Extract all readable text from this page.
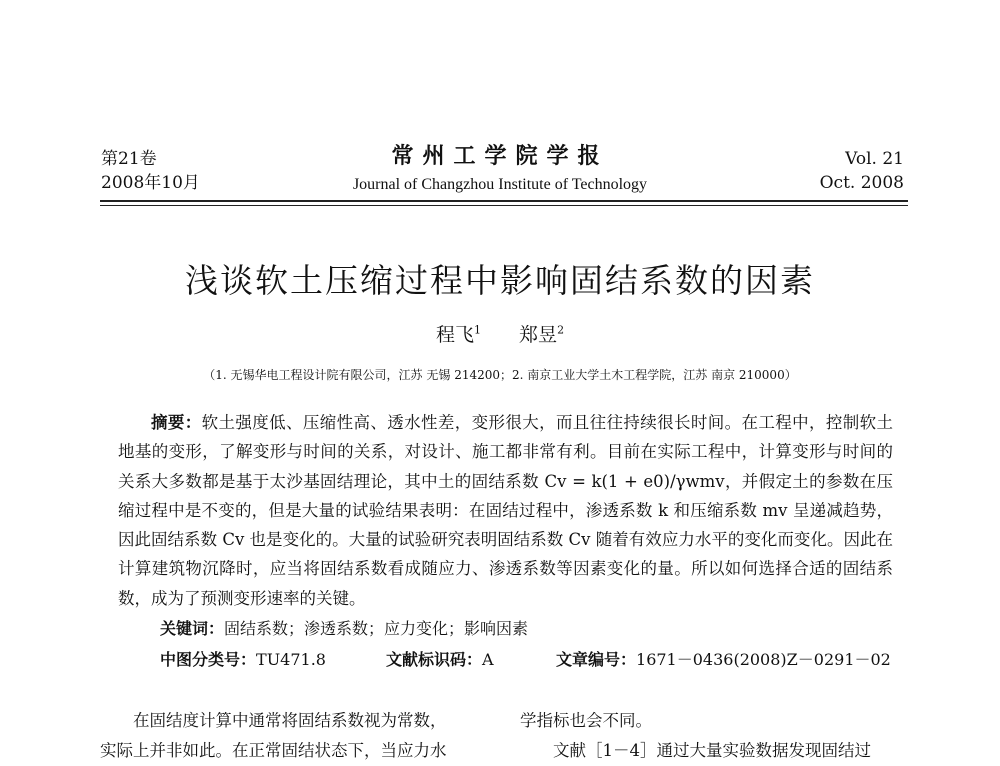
第21卷
2008年10月
常州工学院学报
Journal of Changzhou Institute of Technology
Vol. 21
Oct. 2008
浅谈软土压缩过程中影响固结系数的因素
程飞$^1$ 郑昱$^2$
（1. 无锡华电工程设计院有限公司，江苏 无锡 214200；2. 南京工业大学土木工程学院，江苏 南京 210000）
摘要：软土强度低、压缩性高、透水性差，变形很大，而且往往持续很长时间。在工程中，控制软土地基的变形，了解变形与时间的关系，对设计、施工都非常有利。目前在实际工程中，计算变形与时间的关系大多数都是基于太沙基固结理论，其中土的固结系数 Cv = k(1 + e0)/γwmv，并假定土的参数在压缩过程中是不变的，但是大量的试验结果表明：在固结过程中，渗透系数 k 和压缩系数 mv 呈递减趋势，因此固结系数 Cv 也是变化的。大量的试验研究表明固结系数 Cv 随着有效应力水平的变化而变化。因此在计算建筑物沉降时，应当将固结系数看成随应力、渗透系数等因素变化的量。所以如何选择合适的固结系数，成为了预测变形速率的关键。
关键词：固结系数；渗透系数；应力变化；影响因素
中图分类号：TU471.8	文献标识码：A	文章编号：1671－0436(2008)Z－0291－02
在固结度计算中通常将固结系数视为常数，
实际上并非如此。在正常固结状态下，当应力水
学指标也会不同。
文献［1－4］通过大量实验数据发现固结过
